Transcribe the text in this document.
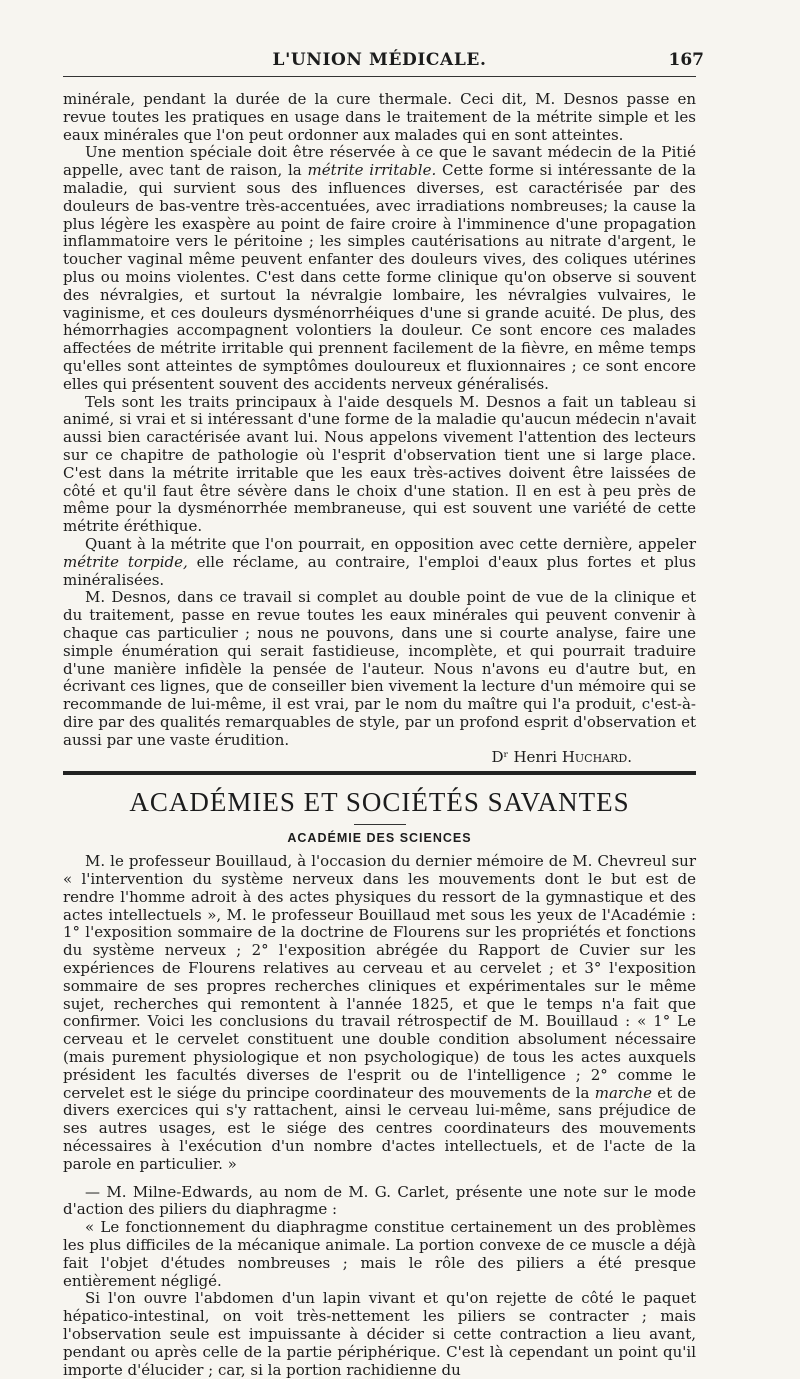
L'UNION MÉDICALE.	167

minérale, pendant la durée de la cure thermale. Ceci dit, M. Desnos passe en revue toutes les pratiques en usage dans le traitement de la métrite simple et les eaux minérales que l'on peut ordonner aux malades qui en sont atteintes.

Une mention spéciale doit être réservée à ce que le savant médecin de la Pitié appelle, avec tant de raison, la métrite irritable. Cette forme si intéressante de la maladie, qui survient sous des influences diverses, est caractérisée par des douleurs de bas-ventre très-accentuées, avec irradiations nombreuses; la cause la plus légère les exaspère au point de faire croire à l'imminence d'une propagation inflammatoire vers le péritoine ; les simples cautérisations au nitrate d'argent, le toucher vaginal même peuvent enfanter des douleurs vives, des coliques utérines plus ou moins violentes. C'est dans cette forme clinique qu'on observe si souvent des névralgies, et surtout la névralgie lombaire, les névralgies vulvaires, le vaginisme, et ces douleurs dysménorrhéiques d'une si grande acuité. De plus, des hémorrhagies accompagnent volontiers la douleur. Ce sont encore ces malades affectées de métrite irritable qui prennent facilement de la fièvre, en même temps qu'elles sont atteintes de symptômes douloureux et fluxionnaires ; ce sont encore elles qui présentent souvent des accidents nerveux généralisés.

Tels sont les traits principaux à l'aide desquels M. Desnos a fait un tableau si animé, si vrai et si intéressant d'une forme de la maladie qu'aucun médecin n'avait aussi bien caractérisée avant lui. Nous appelons vivement l'attention des lecteurs sur ce chapitre de pathologie où l'esprit d'observation tient une si large place. C'est dans la métrite irritable que les eaux très-actives doivent être laissées de côté et qu'il faut être sévère dans le choix d'une station. Il en est à peu près de même pour la dysménorrhée membraneuse, qui est souvent une variété de cette métrite éréthique.

Quant à la métrite que l'on pourrait, en opposition avec cette dernière, appeler métrite torpide, elle réclame, au contraire, l'emploi d'eaux plus fortes et plus minéralisées.

M. Desnos, dans ce travail si complet au double point de vue de la clinique et du traitement, passe en revue toutes les eaux minérales qui peuvent convenir à chaque cas particulier ; nous ne pouvons, dans une si courte analyse, faire une simple énumération qui serait fastidieuse, incomplète, et qui pourrait traduire d'une manière infidèle la pensée de l'auteur. Nous n'avons eu d'autre but, en écrivant ces lignes, que de conseiller bien vivement la lecture d'un mémoire qui se recommande de lui-même, il est vrai, par le nom du maître qui l'a produit, c'est-à-dire par des qualités remarquables de style, par un profond esprit d'observation et aussi par une vaste érudition.

Dʳ Henri Huchard.

ACADÉMIES ET SOCIÉTÉS SAVANTES
ACADÉMIE DES SCIENCES

M. le professeur Bouillaud, à l'occasion du dernier mémoire de M. Chevreul sur « l'intervention du système nerveux dans les mouvements dont le but est de rendre l'homme adroit à des actes physiques du ressort de la gymnastique et des actes intellectuels », M. le professeur Bouillaud met sous les yeux de l'Académie : 1° l'exposition sommaire de la doctrine de Flourens sur les propriétés et fonctions du système nerveux ; 2° l'exposition abrégée du Rapport de Cuvier sur les expériences de Flourens relatives au cerveau et au cervelet ; et 3° l'exposition sommaire de ses propres recherches cliniques et expérimentales sur le même sujet, recherches qui remontent à l'année 1825, et que le temps n'a fait que confirmer. Voici les conclusions du travail rétrospectif de M. Bouillaud : « 1° Le cerveau et le cervelet constituent une double condition absolument nécessaire (mais purement physiologique et non psychologique) de tous les actes auxquels président les facultés diverses de l'esprit ou de l'intelligence ; 2° comme le cervelet est le siége du principe coordinateur des mouvements de la marche et de divers exercices qui s'y rattachent, ainsi le cerveau lui-même, sans préjudice de ses autres usages, est le siége des centres coordinateurs des mouvements nécessaires à l'exécution d'un nombre d'actes intellectuels, et de l'acte de la parole en particulier. »

— M. Milne-Edwards, au nom de M. G. Carlet, présente une note sur le mode d'action des piliers du diaphragme :

« Le fonctionnement du diaphragme constitue certainement un des problèmes les plus difficiles de la mécanique animale. La portion convexe de ce muscle a déjà fait l'objet d'études nombreuses ; mais le rôle des piliers a été presque entièrement négligé.

Si l'on ouvre l'abdomen d'un lapin vivant et qu'on rejette de côté le paquet hépatico-intestinal, on voit très-nettement les piliers se contracter ; mais l'observation seule est impuissante à décider si cette contraction a lieu avant, pendant ou après celle de la partie périphérique. C'est là cependant un point qu'il importe d'élucider ; car, si la portion rachidienne du
